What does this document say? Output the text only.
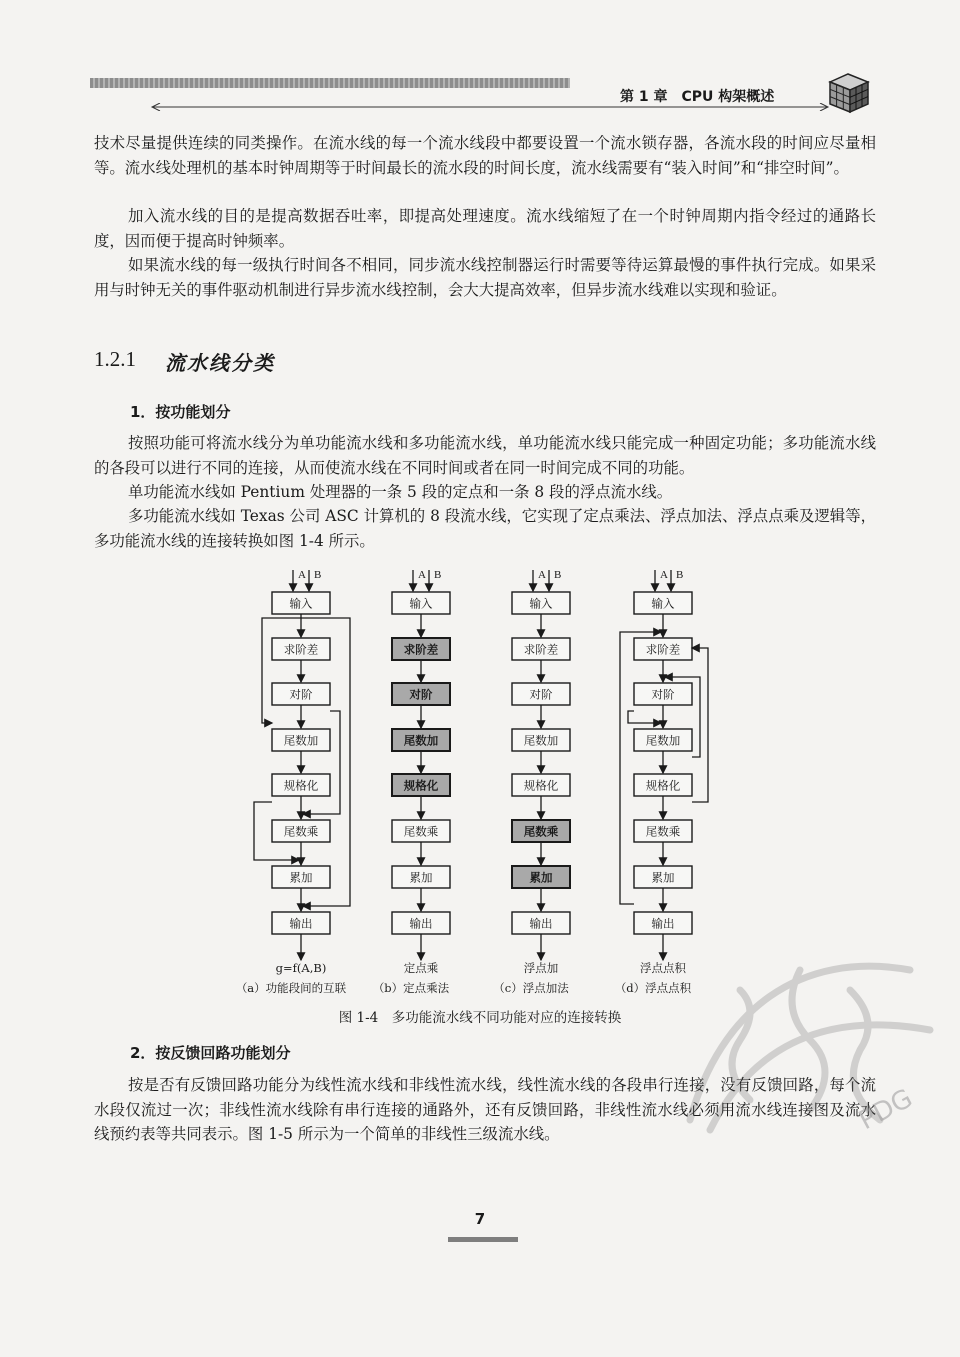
第 1 章 CPU 构架概述

技术尽量提供连续的同类操作。在流水线的每一个流水线段中都要设置一个流水锁存器，各流水段的时间应尽量相等。流水线处理机的基本时钟周期等于时间最长的流水段的时间长度，流水线需要有“装入时间”和“排空时间”。

加入流水线的目的是提高数据吞吐率，即提高处理速度。流水线缩短了在一个时钟周期内指令经过的通路长度，因而便于提高时钟频率。

如果流水线的每一级执行时间各不相同，同步流水线控制器运行时需要等待运算最慢的事件执行完成。如果采用与时钟无关的事件驱动机制进行异步流水线控制，会大大提高效率，但异步流水线难以实现和验证。

1.2.1 流水线分类
1．按功能划分

按照功能可将流水线分为单功能流水线和多功能流水线，单功能流水线只能完成一种固定功能；多功能流水线的各段可以进行不同的连接，从而使流水线在不同时间或者在同一时间完成不同的功能。

单功能流水线如 Pentium 处理器的一条 5 段的定点和一条 8 段的浮点流水线。

多功能流水线如 Texas 公司 ASC 计算机的 8 段流水线，它实现了定点乘法、浮点加法、浮点点乘及逻辑等，多功能流水线的连接转换如图 1-4 所示。

A B
输入
求阶差
对阶
尾数加
规格化
尾数乘
累加
输出
g=f(A,B)
（a）功能段间的互联
A B
输入
求阶差
对阶
尾数加
规格化
尾数乘
累加
输出
定点乘
（b）定点乘法
A B
输入
求阶差
对阶
尾数加
规格化
尾数乘
累加
输出
浮点加
（c）浮点加法
A B
输入
求阶差
对阶
尾数加
规格化
尾数乘
累加
输出
浮点点积
（d）浮点点积
图 1-4　多功能流水线不同功能对应的连接转换
2．按反馈回路功能划分

按是否有反馈回路功能分为线性流水线和非线性流水线，线性流水线的各段串行连接，没有反馈回路，每个流水段仅流过一次；非线性流水线除有串行连接的通路外，还有反馈回路，非线性流水线必须用流水线连接图及流水线预约表等共同表示。图 1-5 所示为一个简单的非线性三级流水线。	PDG
7
